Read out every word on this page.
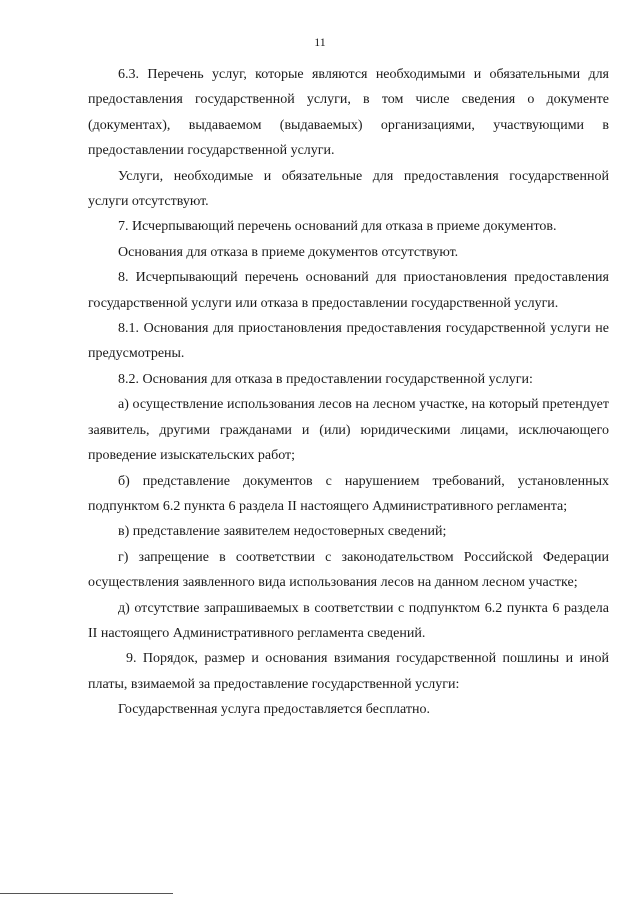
11

6.3. Перечень услуг, которые являются необходимыми и обязательными для предоставления государственной услуги, в том числе сведения о документе (документах), выдаваемом (выдаваемых) организациями, участвующими в предоставлении государственной услуги.

Услуги, необходимые и обязательные для предоставления государственной услуги отсутствуют.

7. Исчерпывающий перечень оснований для отказа в приеме документов.

Основания для отказа в приеме документов отсутствуют.

8. Исчерпывающий перечень оснований для приостановления предоставления государственной услуги или отказа в предоставлении государственной услуги.

8.1. Основания для приостановления предоставления государственной услуги не предусмотрены.

8.2. Основания для отказа в предоставлении государственной услуги:

а) осуществление использования лесов на лесном участке, на который претендует заявитель, другими гражданами и (или) юридическими лицами, исключающего проведение изыскательских работ;

б) представление документов с нарушением требований, установленных подпунктом 6.2 пункта 6 раздела II настоящего Административного регламента;

в) представление заявителем недостоверных сведений;

г) запрещение в соответствии с законодательством Российской Федерации осуществления заявленного вида использования лесов на данном лесном участке;

д) отсутствие запрашиваемых в соответствии с подпунктом 6.2 пункта 6 раздела II настоящего Административного регламента сведений.

9. Порядок, размер и основания взимания государственной пошлины и иной платы, взимаемой за предоставление государственной услуги:

Государственная услуга предоставляется бесплатно.
